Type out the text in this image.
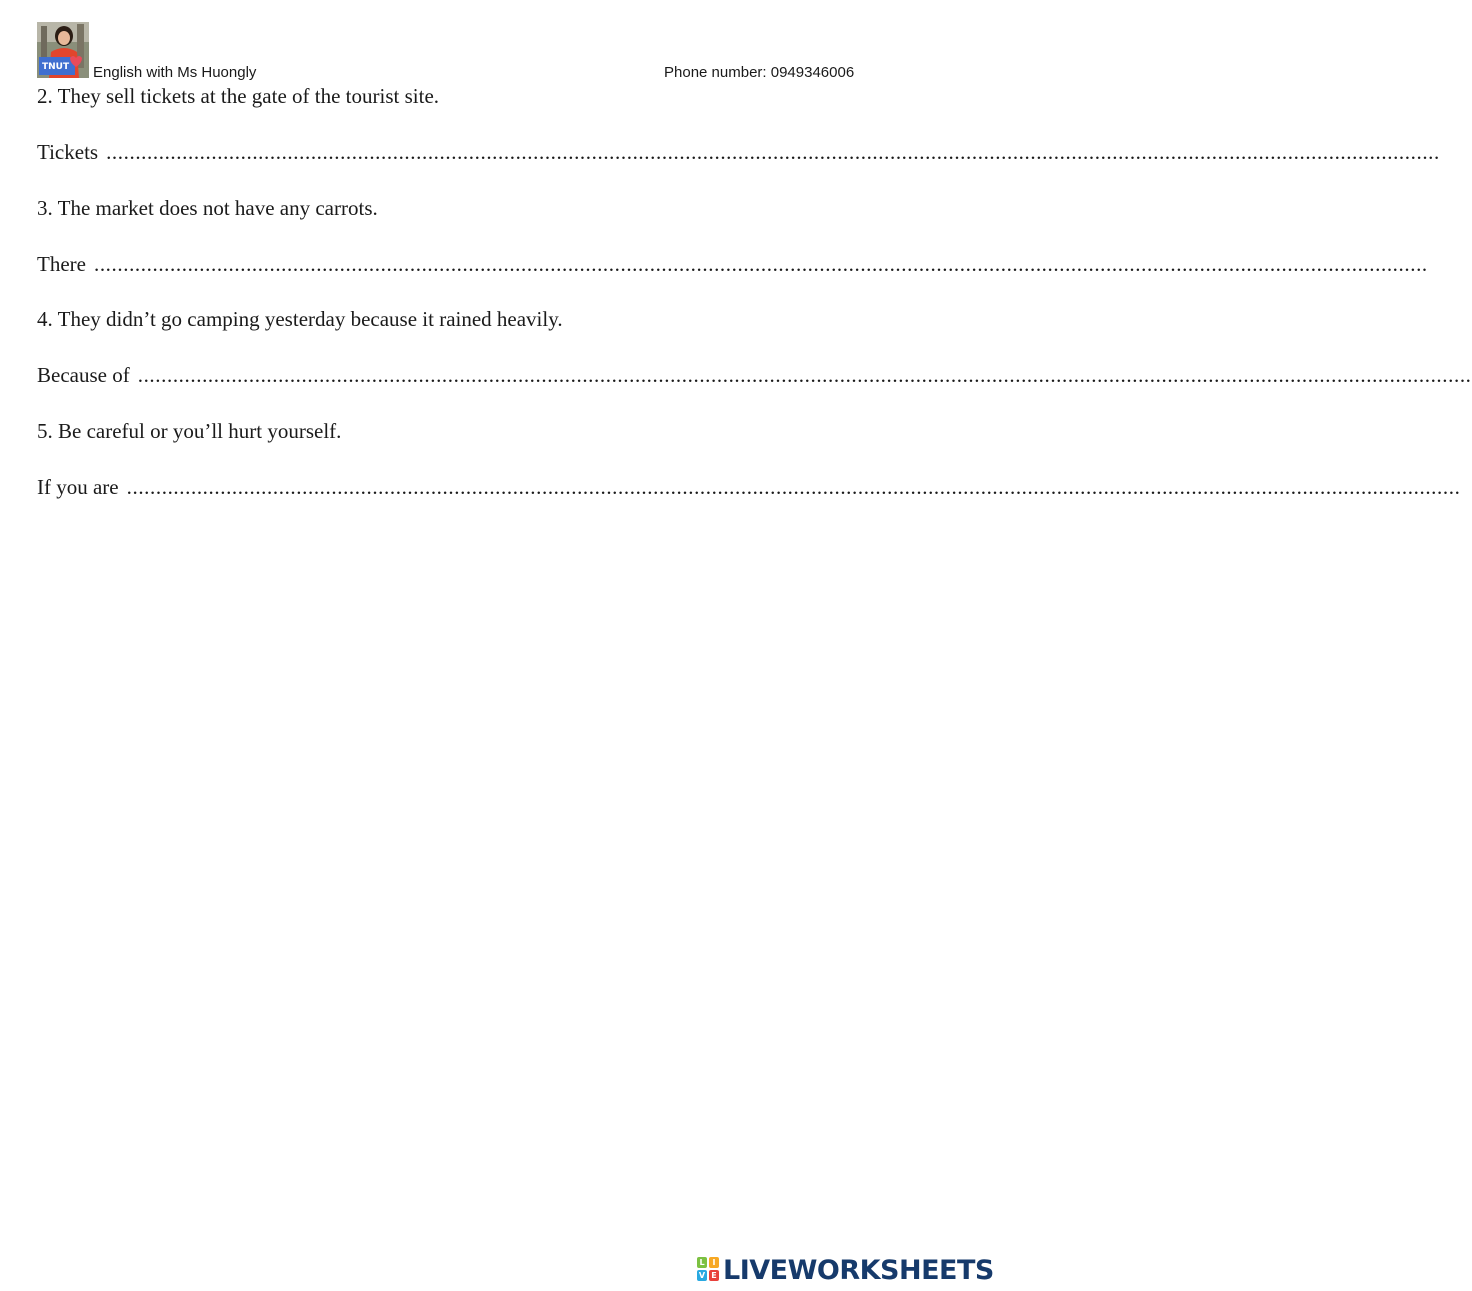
TNUT English with Ms Huongly	Phone number: 0949346006
2. They sell tickets at the gate of the tourist site.
Tickets ....................................................................................................................................................................................................................................
3. The market does not have any carrots.
There ....................................................................................................................................................................................................................................
4. They didn’t go camping yesterday because it rained heavily.
Because of ....................................................................................................................................................................................................................................
5. Be careful or you’ll hurt yourself.
If you are ....................................................................................................................................................................................................................................
L I
V E LIVEWORKSHEETS
